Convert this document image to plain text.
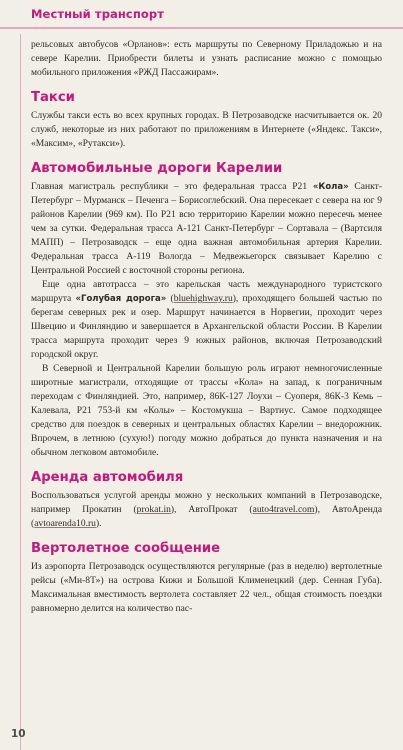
Местный транспорт

рельсовых автобусов «Орланов»: есть маршруты по Северному Приладожью и на севере Карелии. Приобрести билеты и узнать расписание можно с помощью мобильного приложения «РЖД Пассажирам».

Такси

Службы такси есть во всех крупных городах. В Петрозаводске насчитывается ок. 20 служб, некоторые из них работают по приложениям в Интернете («Яндекс. Такси», «Максим», «Рутакси»).

Автомобильные дороги Карелии

Главная магистраль республики – это федеральная трасса Р21 «Кола» Санкт-Петербург – Мурманск – Печенга – Борисоглебский. Она пересекает с севера на юг 9 районов Карелии (969 км). По Р21 всю территорию Карелии можно пересечь менее чем за сутки. Федеральная трасса А-121 Санкт-Петербург – Сортавала – (Вартсиля МАПП) – Петрозаводск – еще одна важная автомобильная артерия Карелии. Федеральная трасса А-119 Вологда – Медвежьегорск связывает Карелию с Центральной Россией с восточной стороны региона.

Еще одна автотрасса – это карельская часть международного туристского маршрута «Голубая дорога» (bluehighway.ru), проходящего большей частью по берегам северных рек и озер. Маршрут начинается в Норвегии, проходит через Швецию и Финляндию и завершается в Архангельской области России. В Карелии трасса маршрута проходит через 9 южных районов, включая Петрозаводский городской округ.

В Северной и Центральной Карелии большую роль играют немногочисленные широтные магистрали, отходящие от трассы «Кола» на запад, к пограничным переходам с Финляндией. Это, например, 86К-127 Лоухи – Суоперя, 86К-3 Кемь – Калевала, Р21 753-й км «Колы» – Костомукша – Вартиус. Самое подходящее средство для поездок в северных и центральных областях Карелии – внедорожник. Впрочем, в летнюю (сухую!) погоду можно добраться до пункта назначения и на обычном легковом автомобиле.

Аренда автомобиля

Воспользоваться услугой аренды можно у нескольких компаний в Петрозаводске, например Прокатин (prokat.in), АвтоПрокат (auto4travel.com), АвтоАренда (avtoarenda10.ru).

Вертолетное сообщение

Из аэропорта Петрозаводск осуществляются регулярные (раз в неделю) вертолетные рейсы («Ми-8Т») на острова Кижи и Большой Клименецкий (дер. Сенная Губа). Максимальная вместимость вертолета составляет 22 чел., общая стоимость поездки равномерно делится на количество пас-

10
